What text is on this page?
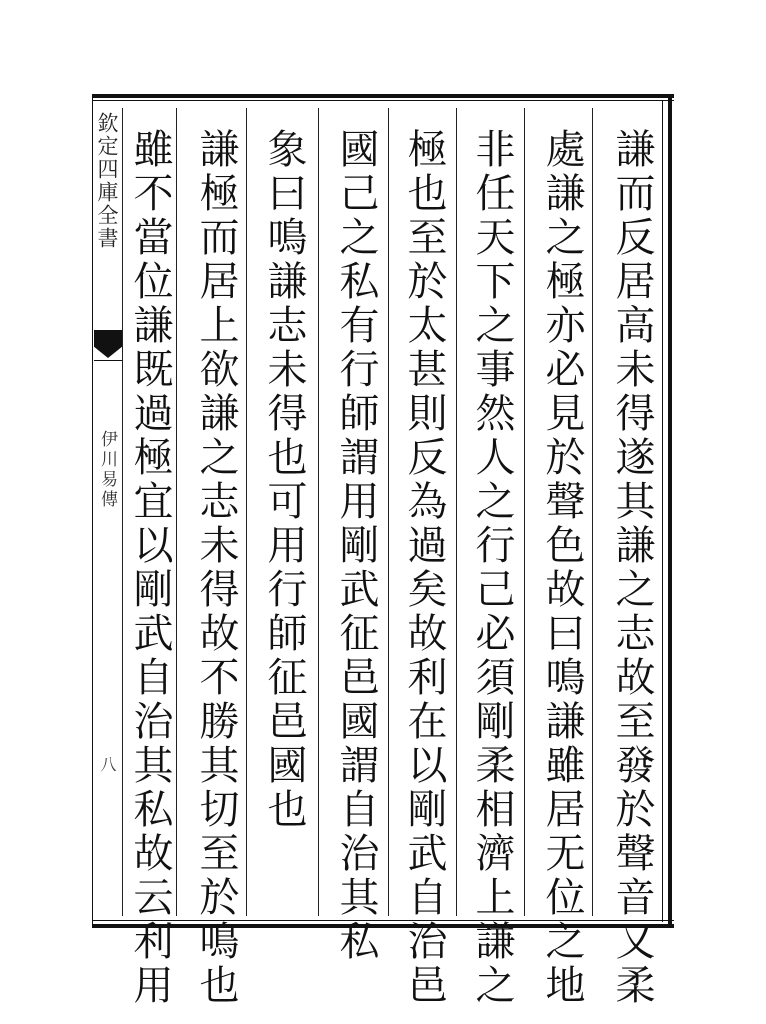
欽定四庫全書
伊川易傳
八	謙而反居高未得遂其謙之志故至發於聲音又柔
處謙之極亦必見於聲色故曰鳴謙雖居无位之地
非任天下之事然人之行己必須剛柔相濟上謙之
極也至於太甚則反為過矣故利在以剛武自治邑
國己之私有行師謂用剛武征邑國謂自治其私
象曰鳴謙志未得也可用行師征邑國也
謙極而居上欲謙之志未得故不勝其切至於鳴也
雖不當位謙既過極宜以剛武自治其私故云利用
